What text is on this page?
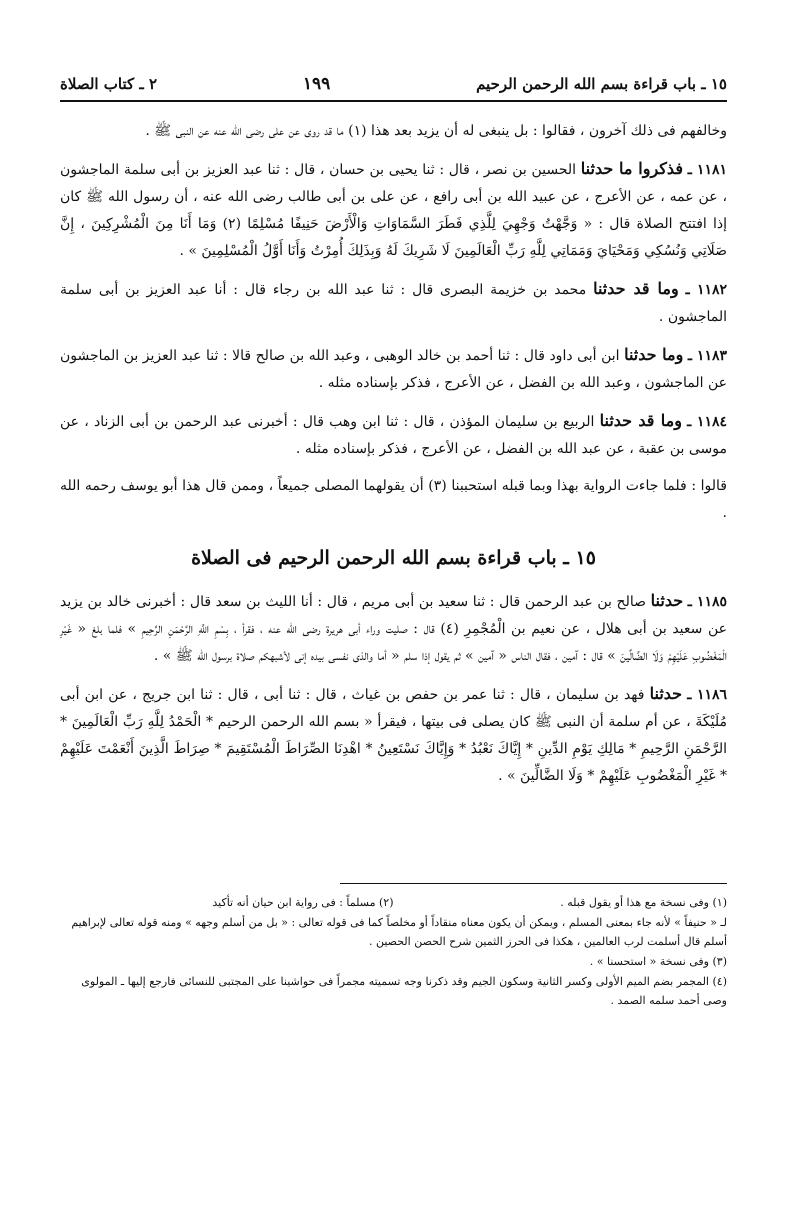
١٥ ـ باب قراءة بسم الله الرحمن الرحيم
١٩٩
٢ ـ كتاب الصلاة

وخالفهم فى ذلك آخرون ، فقالوا : بل ينبغى له أن يزيد بعد هذا (١) ما قد روى عن على رضى الله عنه عن النبى ﷺ .

١١٨١ ـ فذكروا ما حدثنا الحسين بن نصر ، قال : ثنا يحيى بن حسان ، قال : ثنا عبد العزيز بن أبى سلمة الماجشون ، عن عمه ، عن الأعرج ، عن عبيد الله بن أبى رافع ، عن على بن أبى طالب رضى الله عنه ، أن رسول الله ﷺ كان إذا افتتح الصلاة قال : « وَجَّهْتُ وَجْهِيَ لِلَّذِي فَطَرَ السَّمَاوَاتِ وَالْأَرْضَ حَنِيفًا مُسْلِمًا (٢) وَمَا أَنَا مِنَ الْمُشْرِكِينَ ، إِنَّ صَلَاتِي وَنُسُكِي وَمَحْيَايَ وَمَمَاتِي لِلَّهِ رَبِّ الْعَالَمِينَ لَا شَرِيكَ لَهُ وَبِذَلِكَ أُمِرْتُ وَأَنَا أَوَّلُ الْمُسْلِمِينَ » .

١١٨٢ ـ وما قد حدثنا محمد بن خزيمة البصرى قال : ثنا عبد الله بن رجاء قال : أنا عبد العزيز بن أبى سلمة الماجشون .

١١٨٣ ـ وما حدثنا ابن أبى داود قال : ثنا أحمد بن خالد الوهبى ، وعبد الله بن صالح قالا : ثنا عبد العزيز بن الماجشون عن الماجشون ، وعبد الله بن الفضل ، عن الأعرج ، فذكر بإسناده مثله .

١١٨٤ ـ وما قد حدثنا الربيع بن سليمان المؤذن ، قال : ثنا ابن وهب قال : أخبرنى عبد الرحمن بن أبى الزناد ، عن موسى بن عقبة ، عن عبد الله بن الفضل ، عن الأعرج ، فذكر بإسناده مثله .

قالوا : فلما جاءت الرواية بهذا وبما قبله استحببنا (٣) أن يقولهما المصلى جميعاً ، وممن قال هذا أبو يوسف رحمه الله .

١٥ ـ باب قراءة بسم الله الرحمن الرحيم فى الصلاة

١١٨٥ ـ حدثنا صالح بن عبد الرحمن قال : ثنا سعيد بن أبى مريم ، قال : أنا الليث بن سعد قال : أخبرنى خالد بن يزيد عن سعيد بن أبى هلال ، عن نعيم بن الْمُجْمِرِ (٤) قال : صليت وراء أبى هريرة رضى الله عنه ، فقرأ ، بِسْمِ اللَّهِ الرَّحْمَنِ الرَّحِيمِ » فلما بلغ « غَيْرِ الْمَغْضُوبِ عَلَيْهِمْ وَلَا الضَّالِّينَ » قال : آمين ، فقال الناس « آمين » ثم يقول إذا سلم « أما والذى نفسى بيده إنى لأشبهكم صلاة برسول الله ﷺ » .

١١٨٦ ـ حدثنا فهد بن سليمان ، قال : ثنا عمر بن حفص بن غياث ، قال : ثنا أبى ، قال : ثنا ابن جريج ، عن ابن أبى مُلَيْكَةَ ، عن أم سلمة أن النبى ﷺ كان يصلى فى بيتها ، فيقرأ « بسم الله الرحمن الرحيم * الْحَمْدُ لِلَّهِ رَبِّ الْعَالَمِينَ * الرَّحْمَنِ الرَّحِيمِ * مَالِكِ يَوْمِ الدِّينِ * إِيَّاكَ نَعْبُدُ * وَإِيَّاكَ نَسْتَعِينُ * اهْدِنَا الصِّرَاطَ الْمُسْتَقِيمَ * صِرَاطَ الَّذِينَ أَنْعَمْتَ عَلَيْهِمْ * غَيْرِ الْمَغْضُوبِ عَلَيْهِمْ * وَلَا الضَّالِّينَ » .

(١) وفى نسخة مع هذا أو يقول قبله .
(٢) مسلماً : فى رواية ابن حيان أنه تأكيد
لـ « حنيفاً » لأنه جاء بمعنى المسلم ، ويمكن أن يكون معناه منقاداً أو مخلصاً كما فى قوله تعالى : « بل من أسلم وجهه » ومنه قوله تعالى لإبراهيم أسلم قال أسلمت لرب العالمين ، هكذا فى الحرز الثمين شرح الحصن الحصين .
(٣) وفى نسخة « استحسنا » .
(٤) المجمر بضم الميم الأولى وكسر الثانية وسكون الجيم وقد ذكرنا وجه تسميته مجمراً فى حواشينا على المجتبى للنسائى فارجع إليها ـ المولوى وصى أحمد سلمه الصمد .
